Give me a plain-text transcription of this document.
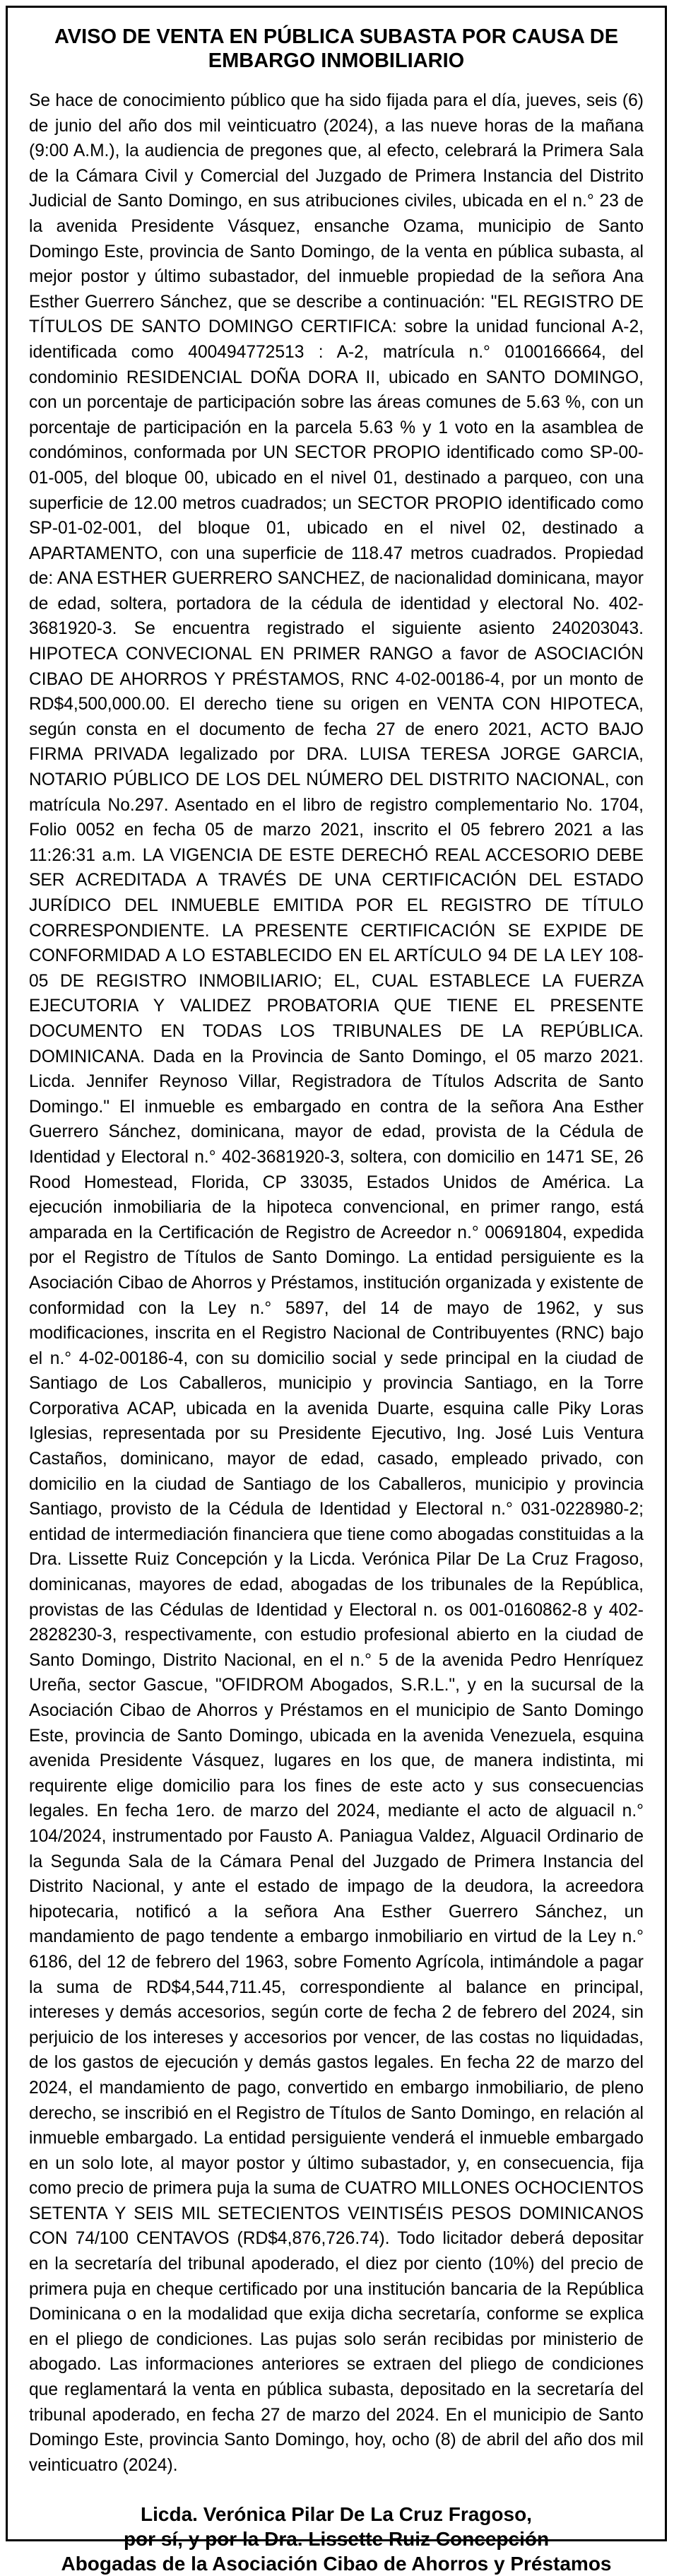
AVISO DE VENTA EN PÚBLICA SUBASTA POR CAUSA DE
EMBARGO INMOBILIARIO

Se hace de conocimiento público que ha sido fijada para el día, jueves, seis (6) de junio del año dos mil veinticuatro (2024), a las nueve horas de la mañana (9:00 A.M.), la audiencia de pregones que, al efecto, celebrará la Primera Sala de la Cámara Civil y Comercial del Juzgado de Primera Instancia del Distrito Judicial de Santo Domingo, en sus atribuciones civiles, ubicada en el n.° 23 de la avenida Presidente Vásquez, ensanche Ozama, municipio de Santo Domingo Este, provincia de Santo Domingo, de la venta en pública subasta, al mejor postor y último subastador, del inmueble propiedad de la señora Ana Esther Guerrero Sánchez, que se describe a continuación: "EL REGISTRO DE TÍTULOS DE SANTO DOMINGO CERTIFICA: sobre la unidad funcional A-2, identificada como 400494772513 : A-2, matrícula n.° 0100166664, del condominio RESIDENCIAL DOÑA DORA II, ubicado en SANTO DOMINGO, con un porcentaje de participación sobre las áreas comunes de 5.63 %, con un porcentaje de participación en la parcela 5.63 % y 1 voto en la asamblea de condóminos, conformada por UN SECTOR PROPIO identificado como SP-00-01-005, del bloque 00, ubicado en el nivel 01, destinado a parqueo, con una superficie de 12.00 metros cuadrados; un SECTOR PROPIO identificado como SP-01-02-001, del bloque 01, ubicado en el nivel 02, destinado a APARTAMENTO, con una superficie de 118.47 metros cuadrados. Propiedad de: ANA ESTHER GUERRERO SANCHEZ, de nacionalidad dominicana, mayor de edad, soltera, portadora de la cédula de identidad y electoral No. 402-3681920-3. Se encuentra registrado el siguiente asiento 240203043. HIPOTECA CONVECIONAL EN PRIMER RANGO a favor de ASOCIACIÓN CIBAO DE AHORROS Y PRÉSTAMOS, RNC 4-02-00186-4, por un monto de RD$4,500,000.00. El derecho tiene su origen en VENTA CON HIPOTECA, según consta en el documento de fecha 27 de enero 2021, ACTO BAJO FIRMA PRIVADA legalizado por DRA. LUISA TERESA JORGE GARCIA, NOTARIO PÚBLICO DE LOS DEL NÚMERO DEL DISTRITO NACIONAL, con matrícula No.297. Asentado en el libro de registro complementario No. 1704, Folio 0052 en fecha 05 de marzo 2021, inscrito el 05 febrero 2021 a las 11:26:31 a.m. LA VIGENCIA DE ESTE DERECHÓ REAL ACCESORIO DEBE SER ACREDITADA A TRAVÉS DE UNA CERTIFICACIÓN DEL ESTADO JURÍDICO DEL INMUEBLE EMITIDA POR EL REGISTRO DE TÍTULO CORRESPONDIENTE. LA PRESENTE CERTIFICACIÓN SE EXPIDE DE CONFORMIDAD A LO ESTABLECIDO EN EL ARTÍCULO 94 DE LA LEY 108-05 DE REGISTRO INMOBILIARIO; EL, CUAL ESTABLECE LA FUERZA EJECUTORIA Y VALIDEZ PROBATORIA QUE TIENE EL PRESENTE DOCUMENTO EN TODAS LOS TRIBUNALES DE LA REPÚBLICA. DOMINICANA. Dada en la Provincia de Santo Domingo, el 05 marzo 2021. Licda. Jennifer Reynoso Villar, Registradora de Títulos Adscrita de Santo Domingo." El inmueble es embargado en contra de la señora Ana Esther Guerrero Sánchez, dominicana, mayor de edad, provista de la Cédula de Identidad y Electoral n.° 402-3681920-3, soltera, con domicilio en 1471 SE, 26 Rood Homestead, Florida, CP 33035, Estados Unidos de América. La ejecución inmobiliaria de la hipoteca convencional, en primer rango, está amparada en la Certificación de Registro de Acreedor n.° 00691804, expedida por el Registro de Títulos de Santo Domingo. La entidad persiguiente es la Asociación Cibao de Ahorros y Préstamos, institución organizada y existente de conformidad con la Ley n.° 5897, del 14 de mayo de 1962, y sus modificaciones, inscrita en el Registro Nacional de Contribuyentes (RNC) bajo el n.° 4-02-00186-4, con su domicilio social y sede principal en la ciudad de Santiago de Los Caballeros, municipio y provincia Santiago, en la Torre Corporativa ACAP, ubicada en la avenida Duarte, esquina calle Piky Loras Iglesias, representada por su Presidente Ejecutivo, Ing. José Luis Ventura Castaños, dominicano, mayor de edad, casado, empleado privado, con domicilio en la ciudad de Santiago de los Caballeros, municipio y provincia Santiago, provisto de la Cédula de Identidad y Electoral n.° 031-0228980-2; entidad de intermediación financiera que tiene como abogadas constituidas a la Dra. Lissette Ruiz Concepción y la Licda. Verónica Pilar De La Cruz Fragoso, dominicanas, mayores de edad, abogadas de los tribunales de la República, provistas de las Cédulas de Identidad y Electoral n. os 001-0160862-8 y 402-2828230-3, respectivamente, con estudio profesional abierto en la ciudad de Santo Domingo, Distrito Nacional, en el n.° 5 de la avenida Pedro Henríquez Ureña, sector Gascue, "OFIDROM Abogados, S.R.L.", y en la sucursal de la Asociación Cibao de Ahorros y Préstamos en el municipio de Santo Domingo Este, provincia de Santo Domingo, ubicada en la avenida Venezuela, esquina avenida Presidente Vásquez, lugares en los que, de manera indistinta, mi requirente elige domicilio para los fines de este acto y sus consecuencias legales. En fecha 1ero. de marzo del 2024, mediante el acto de alguacil n.° 104/2024, instrumentado por Fausto A. Paniagua Valdez, Alguacil Ordinario de la Segunda Sala de la Cámara Penal del Juzgado de Primera Instancia del Distrito Nacional, y ante el estado de impago de la deudora, la acreedora hipotecaria, notificó a la señora Ana Esther Guerrero Sánchez, un mandamiento de pago tendente a embargo inmobiliario en virtud de la Ley n.° 6186, del 12 de febrero del 1963, sobre Fomento Agrícola, intimándole a pagar la suma de RD$4,544,711.45, correspondiente al balance en principal, intereses y demás accesorios, según corte de fecha 2 de febrero del 2024, sin perjuicio de los intereses y accesorios por vencer, de las costas no liquidadas, de los gastos de ejecución y demás gastos legales. En fecha 22 de marzo del 2024, el mandamiento de pago, convertido en embargo inmobiliario, de pleno derecho, se inscribió en el Registro de Títulos de Santo Domingo, en relación al inmueble embargado. La entidad persiguiente venderá el inmueble embargado en un solo lote, al mayor postor y último subastador, y, en consecuencia, fija como precio de primera puja la suma de CUATRO MILLONES OCHOCIENTOS SETENTA Y SEIS MIL SETECIENTOS VEINTISÉIS PESOS DOMINICANOS CON 74/100 CENTAVOS (RD$4,876,726.74). Todo licitador deberá depositar en la secretaría del tribunal apoderado, el diez por ciento (10%) del precio de primera puja en cheque certificado por una institución bancaria de la República Dominicana o en la modalidad que exija dicha secretaría, conforme se explica en el pliego de condiciones. Las pujas solo serán recibidas por ministerio de abogado. Las informaciones anteriores se extraen del pliego de condiciones que reglamentará la venta en pública subasta, depositado en la secretaría del tribunal apoderado, en fecha 27 de marzo del 2024. En el municipio de Santo Domingo Este, provincia Santo Domingo, hoy, ocho (8) de abril del año dos mil veinticuatro (2024).

Licda. Verónica Pilar De La Cruz Fragoso,
por sí, y por la Dra. Lissette Ruiz Concepción
Abogadas de la Asociación Cibao de Ahorros y Préstamos
